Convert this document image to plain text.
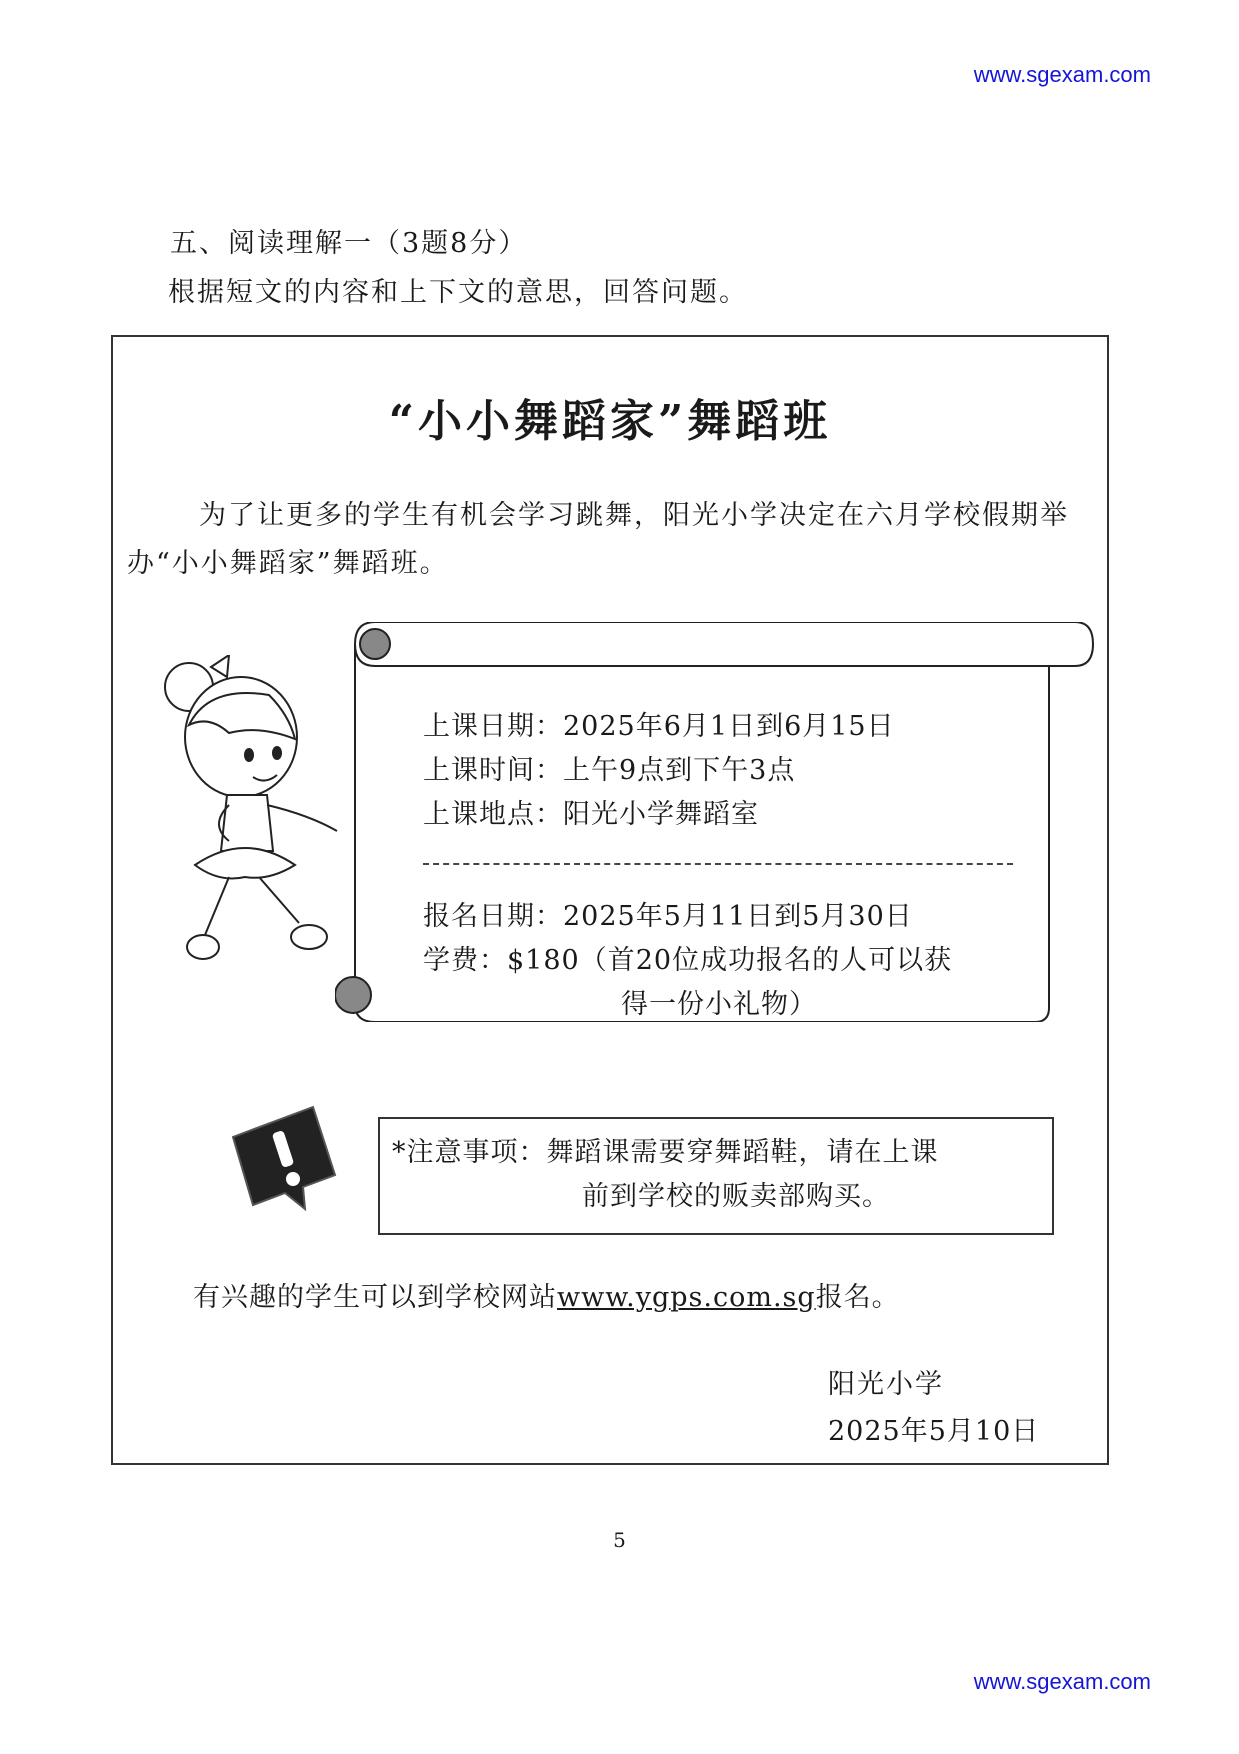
www.sgexam.com
www.sgexam.com
五、阅读理解一（3题8分）
根据短文的内容和上下文的意思，回答问题。
“小小舞蹈家”舞蹈班
为了让更多的学生有机会学习跳舞，阳光小学决定在六月学校假期举办“小小舞蹈家”舞蹈班。
上课日期：2025年6月1日到6月15日
上课时间：上午9点到下午3点
上课地点：阳光小学舞蹈室
报名日期：2025年5月11日到5月30日
学费：$180（首20位成功报名的人可以获
得一份小礼物）
*注意事项：舞蹈课需要穿舞蹈鞋，请在上课
前到学校的贩卖部购买。
有兴趣的学生可以到学校网站www.ygps.com.sg报名。
阳光小学
2025年5月10日
5
